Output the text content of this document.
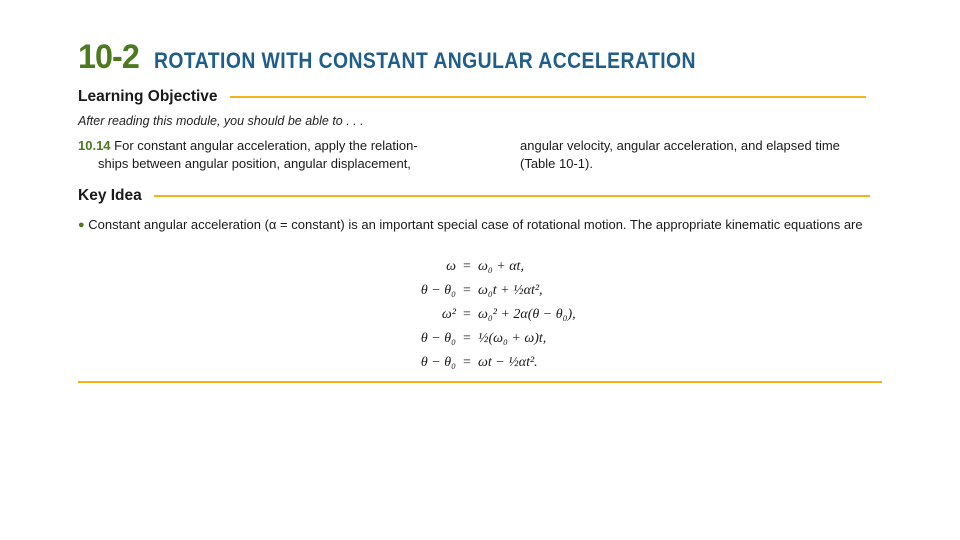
10-2 ROTATION WITH CONSTANT ANGULAR ACCELERATION
Learning Objective
After reading this module, you should be able to . . .
10.14 For constant angular acceleration, apply the relation-
ships between angular position, angular displacement,
angular velocity, angular acceleration, and elapsed time
(Table 10-1).
Key Idea
● Constant angular acceleration (α = constant) is an important special case of rotational motion. The appropriate kinematic equations are
ω = ω₀ + αt,
θ − θ₀ = ω₀t + ½αt²,
ω² = ω₀² + 2α(θ − θ₀),
θ − θ₀ = ½(ω₀ + ω)t,
θ − θ₀ = ωt − ½αt².
